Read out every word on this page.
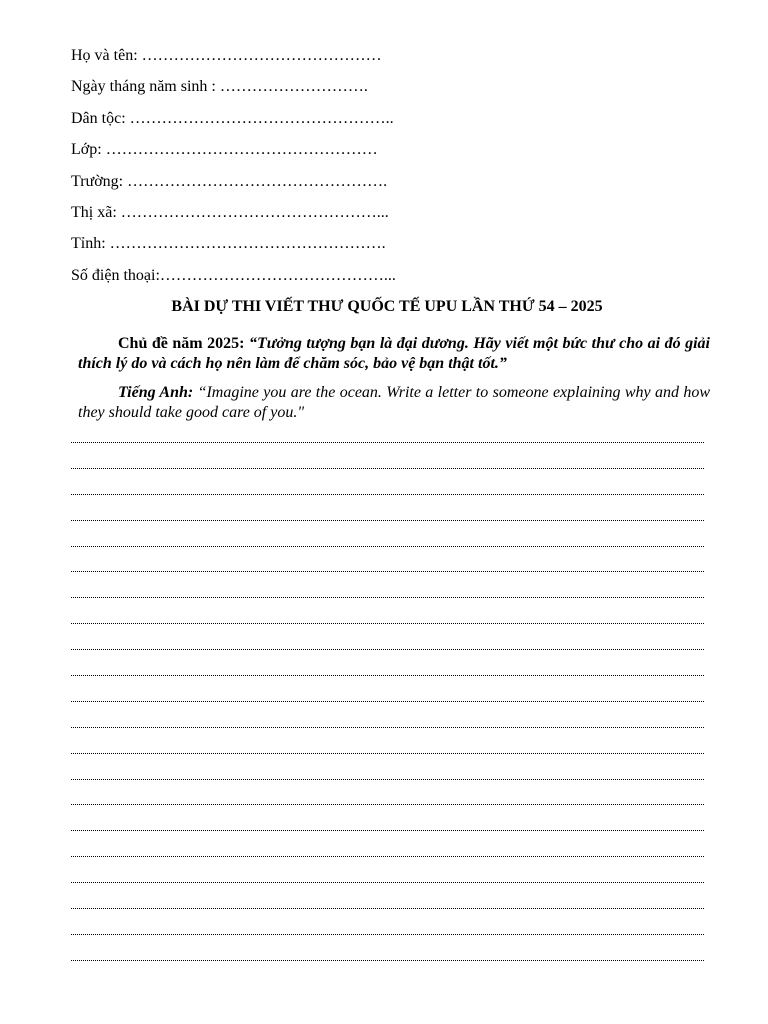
Họ và tên: ………………………………………
Ngày tháng năm sinh : ……………………….
Dân tộc: …………………………………………..
Lớp: ……………………………………………
Trường: ………………………………………….
Thị xã: …………………………………………...
Tỉnh: …………………………………………….
Số điện thoại:……………………………………...
BÀI DỰ THI VIẾT THƯ QUỐC TẾ UPU LẦN THỨ 54 – 2025
Chủ đề năm 2025: “Tưởng tượng bạn là đại dương. Hãy viết một bức thư cho ai đó giải thích lý do và cách họ nên làm để chăm sóc, bảo vệ bạn thật tốt.”
Tiếng Anh: “Imagine you are the ocean. Write a letter to someone explaining why and how they should take good care of you."
